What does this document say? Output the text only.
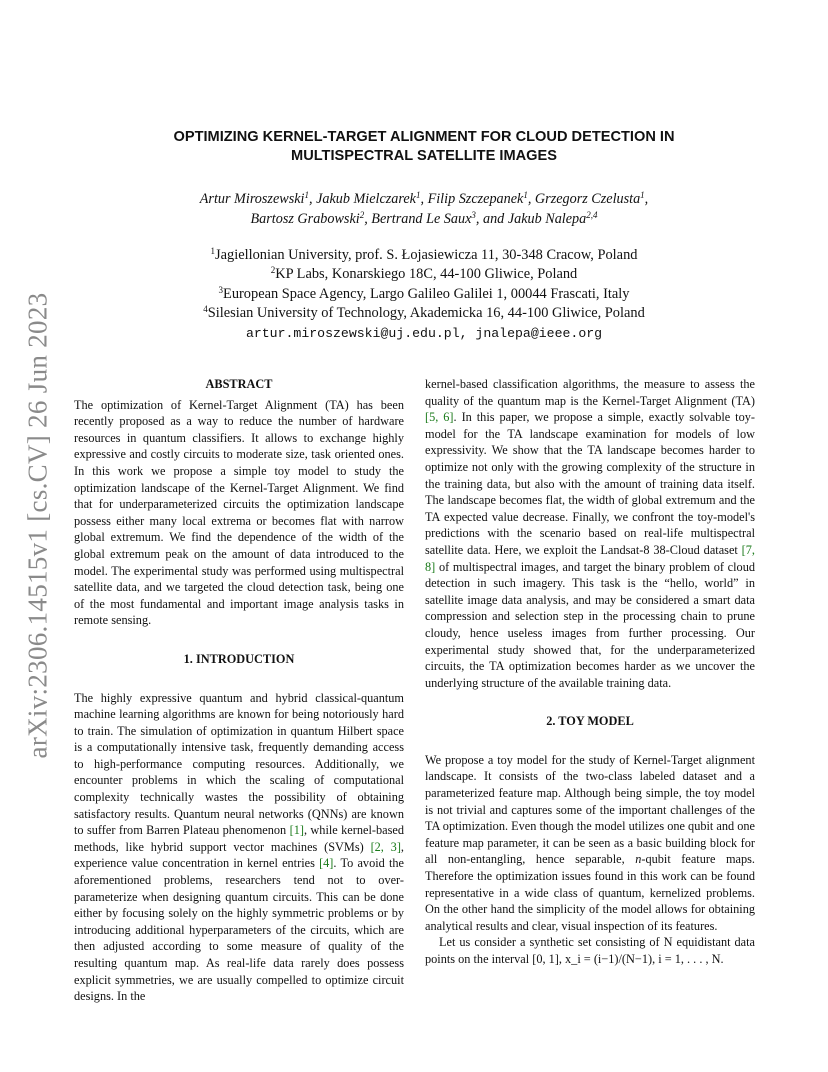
arXiv:2306.14515v1 [cs.CV] 26 Jun 2023
OPTIMIZING KERNEL-TARGET ALIGNMENT FOR CLOUD DETECTION IN
MULTISPECTRAL SATELLITE IMAGES
Artur Miroszewski$^1$, Jakub Mielczarek$^1$, Filip Szczepanek$^1$, Grzegorz Czelusta$^1$,
Bartosz Grabowski$^2$, Bertrand Le Saux$^3$, and Jakub Nalepa$^{2,4}$
$^1$Jagiellonian University, prof. S. Łojasiewicza 11, 30-348 Cracow, Poland
$^2$KP Labs, Konarskiego 18C, 44-100 Gliwice, Poland
$^3$European Space Agency, Largo Galileo Galilei 1, 00044 Frascati, Italy
$^4$Silesian University of Technology, Akademicka 16, 44-100 Gliwice, Poland
artur.miroszewski@uj.edu.pl, jnalepa@ieee.org

ABSTRACT

The optimization of Kernel-Target Alignment (TA) has been recently proposed as a way to reduce the number of hardware resources in quantum classifiers. It allows to exchange highly expressive and costly circuits to moderate size, task oriented ones. In this work we propose a simple toy model to study the optimization landscape of the Kernel-Target Alignment. We find that for underparameterized circuits the optimization landscape possess either many local extrema or becomes flat with narrow global extremum. We find the dependence of the width of the global extremum peak on the amount of data introduced to the model. The experimental study was performed using multispectral satellite data, and we targeted the cloud detection task, being one of the most fundamental and important image analysis tasks in remote sensing.

1. INTRODUCTION

The highly expressive quantum and hybrid classical-quantum machine learning algorithms are known for being notoriously hard to train. The simulation of optimization in quantum Hilbert space is a computationally intensive task, frequently demanding access to high-performance computing resources. Additionally, we encounter problems in which the scaling of computational complexity technically wastes the possibility of obtaining satisfactory results. Quantum neural networks (QNNs) are known to suffer from Barren Plateau phenomenon [1], while kernel-based methods, like hybrid support vector machines (SVMs) [2, 3], experience value concentration in kernel entries [4]. To avoid the aforementioned problems, researchers tend not to over-parameterize when designing quantum circuits. This can be done either by focusing solely on the highly symmetric problems or by introducing additional hyperparameters of the circuits, which are then adjusted according to some measure of quality of the resulting quantum map. As real-life data rarely does possess explicit symmetries, we are usually compelled to optimize circuit designs. In the

kernel-based classification algorithms, the measure to assess the quality of the quantum map is the Kernel-Target Alignment (TA) [5, 6]. In this paper, we propose a simple, exactly solvable toy-model for the TA landscape examination for models of low expressivity. We show that the TA landscape becomes harder to optimize not only with the growing complexity of the structure in the training data, but also with the amount of training data itself. The landscape becomes flat, the width of global extremum and the TA expected value decrease. Finally, we confront the toy-model's predictions with the scenario based on real-life multispectral satellite data. Here, we exploit the Landsat-8 38-Cloud dataset [7, 8] of multispectral images, and target the binary problem of cloud detection in such imagery. This task is the “hello, world” in satellite image data analysis, and may be considered a smart data compression and selection step in the processing chain to prune cloudy, hence useless images from further processing. Our experimental study showed that, for the underparameterized circuits, the TA optimization becomes harder as we uncover the underlying structure of the available training data.

2. TOY MODEL

We propose a toy model for the study of Kernel-Target alignment landscape. It consists of the two-class labeled dataset and a parameterized feature map. Although being simple, the toy model is not trivial and captures some of the important challenges of the TA optimization. Even though the model utilizes one qubit and one feature map parameter, it can be seen as a basic building block for all non-entangling, hence separable, n-qubit feature maps. Therefore the optimization issues found in this work can be found representative in a wide class of quantum, kernelized problems. On the other hand the simplicity of the model allows for obtaining analytical results and clear, visual inspection of its features.

Let us consider a synthetic set consisting of N equidistant data points on the interval [0, 1], x_i = (i−1)/(N−1), i = 1, . . . , N.
